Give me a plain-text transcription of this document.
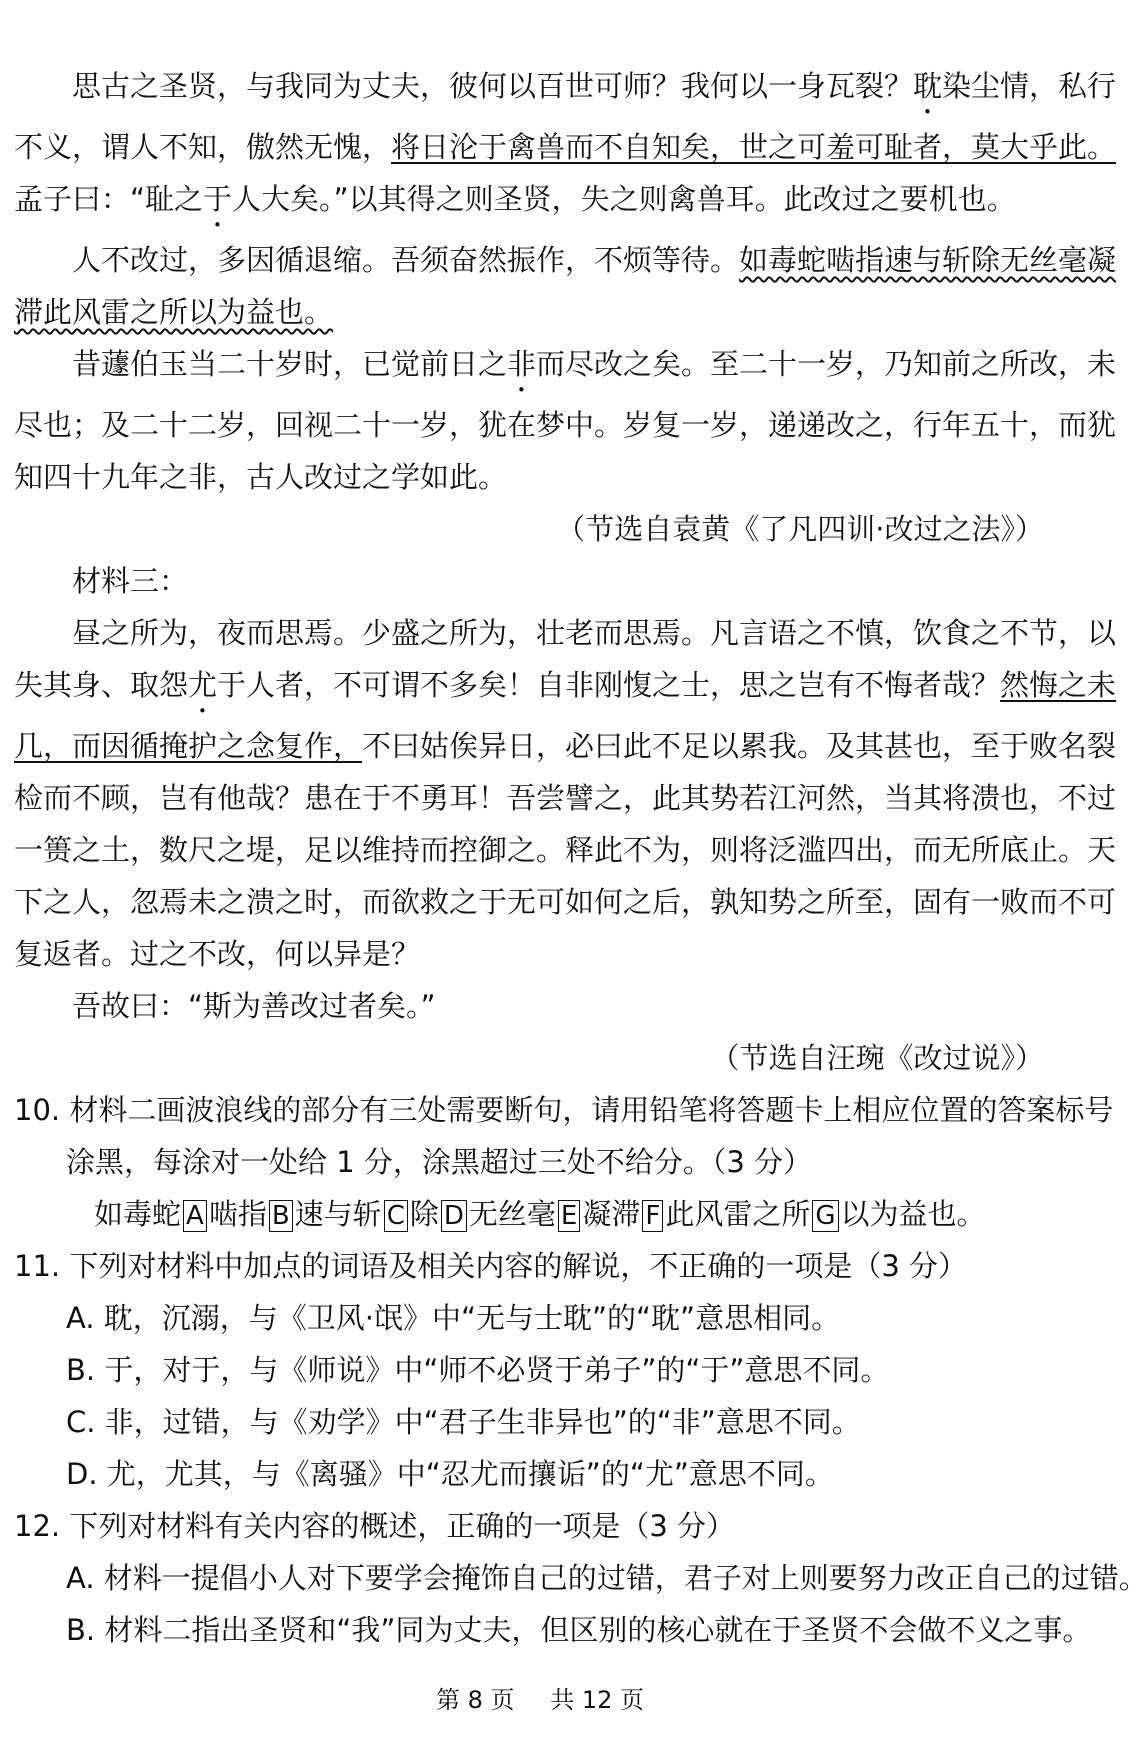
思古之圣贤，与我同为丈夫，彼何以百世可师？我何以一身瓦裂？耽染尘情，私行
不义，谓人不知，傲然无愧，将日沦于禽兽而不自知矣，世之可羞可耻者，莫大乎此。
孟子曰：“耻之于人大矣。”以其得之则圣贤，失之则禽兽耳。此改过之要机也。
人不改过，多因循退缩。吾须奋然振作，不烦等待。如毒蛇啮指速与斩除无丝毫凝
滞此风雷之所以为益也。
昔蘧伯玉当二十岁时，已觉前日之非而尽改之矣。至二十一岁，乃知前之所改，未
尽也；及二十二岁，回视二十一岁，犹在梦中。岁复一岁，递递改之，行年五十，而犹
知四十九年之非，古人改过之学如此。
（节选自袁黄《了凡四训·改过之法》）
材料三：
昼之所为，夜而思焉。少盛之所为，壮老而思焉。凡言语之不慎，饮食之不节，以
失其身、取怨尤于人者，不可谓不多矣！自非刚愎之士，思之岂有不悔者哉？然悔之未
几，而因循掩护之念复作，不曰姑俟异日，必曰此不足以累我。及其甚也，至于败名裂
检而不顾，岂有他哉？患在于不勇耳！吾尝譬之，此其势若江河然，当其将溃也，不过
一篑之土，数尺之堤，足以维持而控御之。释此不为，则将泛滥四出，而无所底止。天
下之人，忽焉未之溃之时，而欲救之于无可如何之后，孰知势之所至，固有一败而不可
复返者。过之不改，何以异是？
吾故曰：“斯为善改过者矣。”
（节选自汪琬《改过说》）
10. 材料二画波浪线的部分有三处需要断句，请用铅笔将答题卡上相应位置的答案标号
涂黑，每涂对一处给 1 分，涂黑超过三处不给分。（3 分）
如毒蛇 A 啮指 B 速与斩 C 除 D 无丝毫 E 凝滞 F 此风雷之所 G 以为益也。
11. 下列对材料中加点的词语及相关内容的解说，不正确的一项是（3 分）
A. 耽，沉溺，与《卫风·氓》中“无与士耽”的“耽”意思相同。
B. 于，对于，与《师说》中“师不必贤于弟子”的“于”意思不同。
C. 非，过错，与《劝学》中“君子生非异也”的“非”意思不同。
D. 尤，尤其，与《离骚》中“忍尤而攘诟”的“尤”意思不同。
12. 下列对材料有关内容的概述，正确的一项是（3 分）
A. 材料一提倡小人对下要学会掩饰自己的过错，君子对上则要努力改正自己的过错。
B. 材料二指出圣贤和“我”同为丈夫，但区别的核心就在于圣贤不会做不义之事。
第 8 页 共 12 页
